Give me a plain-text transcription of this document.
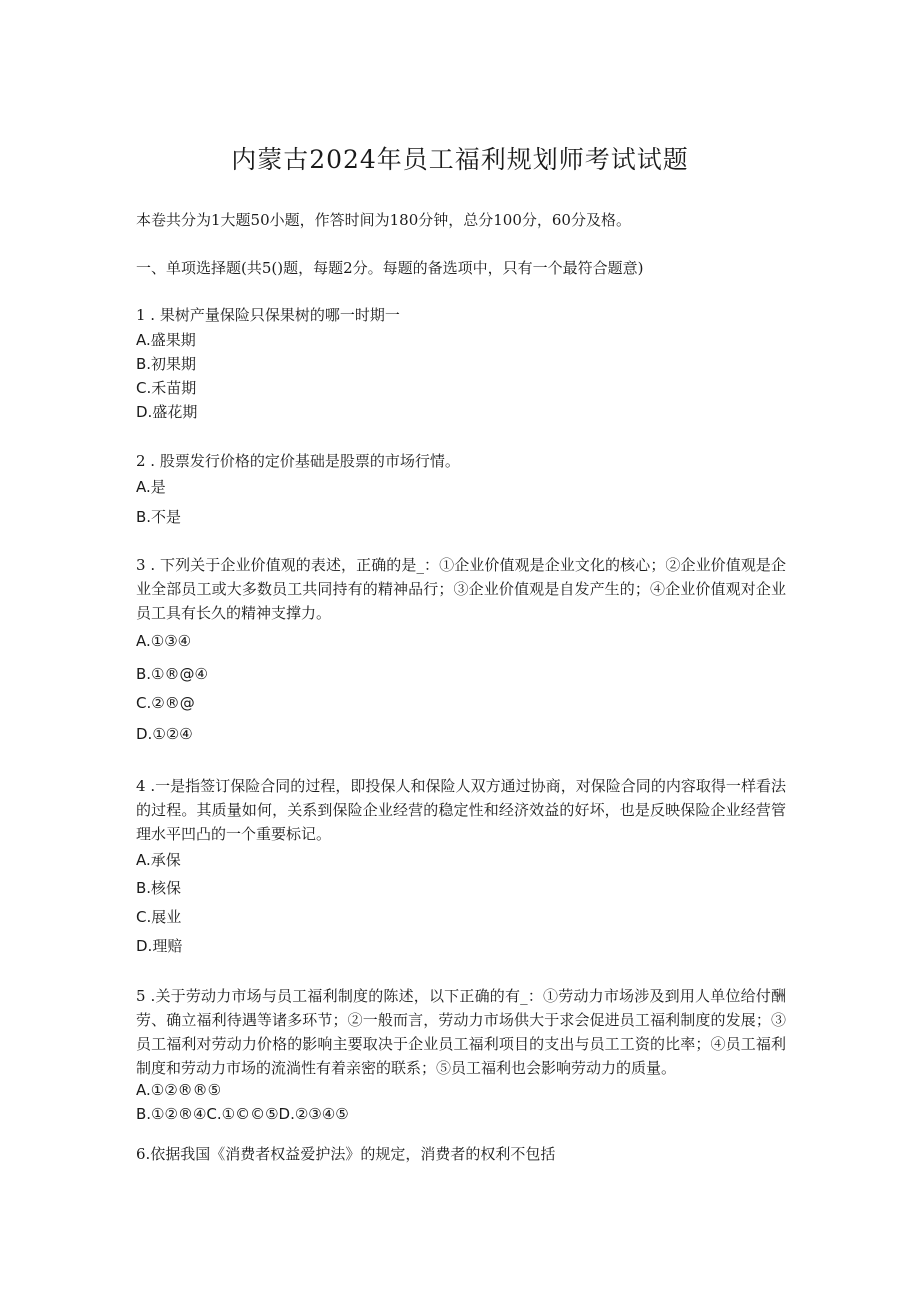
内蒙古2024年员工福利规划师考试试题
本卷共分为1大题50小题，作答时间为180分钟，总分100分，60分及格。
一、单项选择题(共5()题，每题2分。每题的备选项中，只有一个最符合题意)
1 . 果树产量保险只保果树的哪一时期一
A.盛果期
B.初果期
C.禾苗期
D.盛花期
2 . 股票发行价格的定价基础是股票的市场行情。
A.是
B.不是
3 . 下列关于企业价值观的表述，正确的是_：①企业价值观是企业文化的核心；②企业价值观是企业全部员工或大多数员工共同持有的精神品行；③企业价值观是自发产生的；④企业价值观对企业员工具有长久的精神支撑力。
A.①③④
B.①®@④
C.②®@
D.①②④
4 .一是指签订保险合同的过程，即投保人和保险人双方通过协商，对保险合同的内容取得一样看法的过程。其质量如何，关系到保险企业经营的稳定性和经济效益的好坏，也是反映保险企业经营管理水平凹凸的一个重要标记。
A.承保
B.核保
C.展业
D.理赔
5 .关于劳动力市场与员工福利制度的陈述，以下正确的有_：①劳动力市场涉及到用人单位给付酬劳、确立福利待遇等诸多环节；②一般而言，劳动力市场供大于求会促进员工福利制度的发展；③员工福利对劳动力价格的影响主要取决于企业员工福利项目的支出与员工工资的比率；④员工福利制度和劳动力市场的流淌性有着亲密的联系；⑤员工福利也会影响劳动力的质量。
A.①②®®⑤
B.①②®④C.①©©⑤D.②③④⑤
6.依据我国《消费者权益爱护法》的规定，消费者的权利不包括
